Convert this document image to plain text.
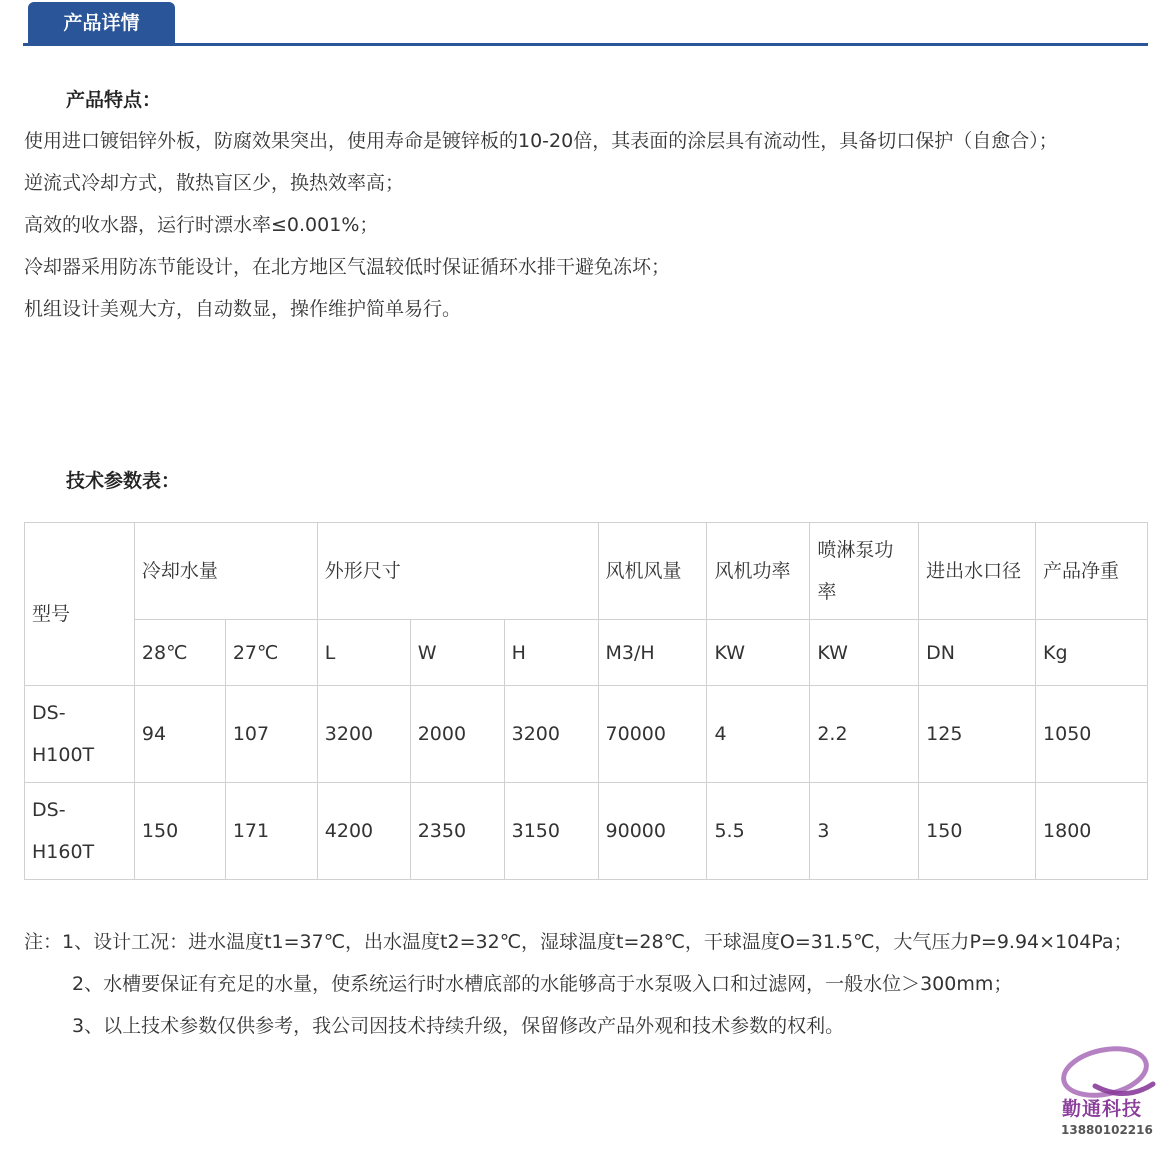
产品详情
产品特点：

使用进口镀铝锌外板，防腐效果突出，使用寿命是镀锌板的10-20倍，其表面的涂层具有流动性，具备切口保护（自愈合）；

逆流式冷却方式，散热盲区少，换热效率高；

高效的收水器，运行时漂水率≤0.001%；

冷却器采用防冻节能设计，在北方地区气温较低时保证循环水排干避免冻坏；

机组设计美观大方，自动数显，操作维护简单易行。

技术参数表：
型号	冷却水量		外形尺寸			风机风量	风机功率	喷淋泵功率	进出水口径	产品净重
	28℃	27℃	L	W	H	M3/H	KW	KW	DN	Kg
DS-H100T	94	107	3200	2000	3200	70000	4	2.2	125	1050
DS-H160T	150	171	4200	2350	3150	90000	5.5	3	150	1800

注：1、设计工况：进水温度t1=37℃，出水温度t2=32℃，湿球温度t=28℃，干球温度O=31.5℃，大气压力P=9.94×104Pa；

2、水槽要保证有充足的水量，使系统运行时水槽底部的水能够高于水泵吸入口和过滤网，一般水位＞300mm；

3、以上技术参数仅供参考，我公司因技术持续升级，保留修改产品外观和技术参数的权利。

勤通科技
13880102216
